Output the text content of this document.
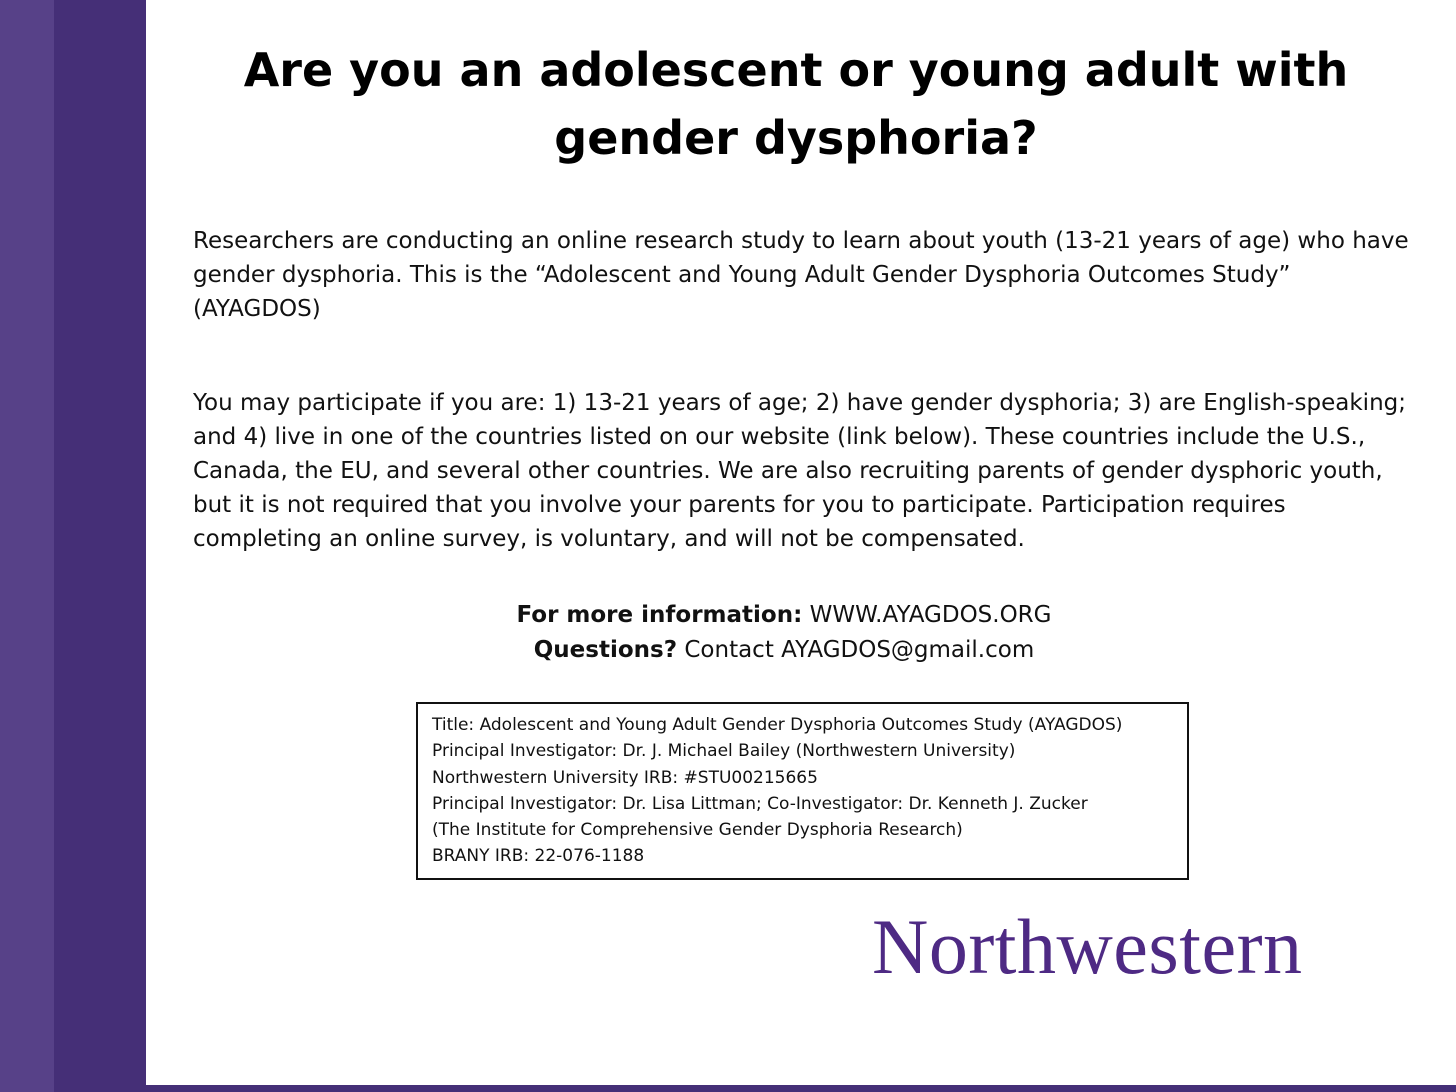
Are you an adolescent or young adult with
gender dysphoria?

Researchers are conducting an online research study to learn about youth (13-21 years of age) who have gender dysphoria. This is the “Adolescent and Young Adult Gender Dysphoria Outcomes Study” (AYAGDOS)

You may participate if you are: 1) 13-21 years of age; 2) have gender dysphoria; 3) are English-speaking; and 4) live in one of the countries listed on our website (link below). These countries include the U.S., Canada, the EU, and several other countries. We are also recruiting parents of gender dysphoric youth, but it is not required that you involve your parents for you to participate. Participation requires completing an online survey, is voluntary, and will not be compensated.

For more information: WWW.AYAGDOS.ORG
Questions? Contact AYAGDOS@gmail.com
Title: Adolescent and Young Adult Gender Dysphoria Outcomes Study (AYAGDOS)
Principal Investigator: Dr. J. Michael Bailey (Northwestern University)
Northwestern University IRB: #STU00215665
Principal Investigator: Dr. Lisa Littman; Co-Investigator: Dr. Kenneth J. Zucker
(The Institute for Comprehensive Gender Dysphoria Research)
BRANY IRB: 22-076-1188
Northwestern
